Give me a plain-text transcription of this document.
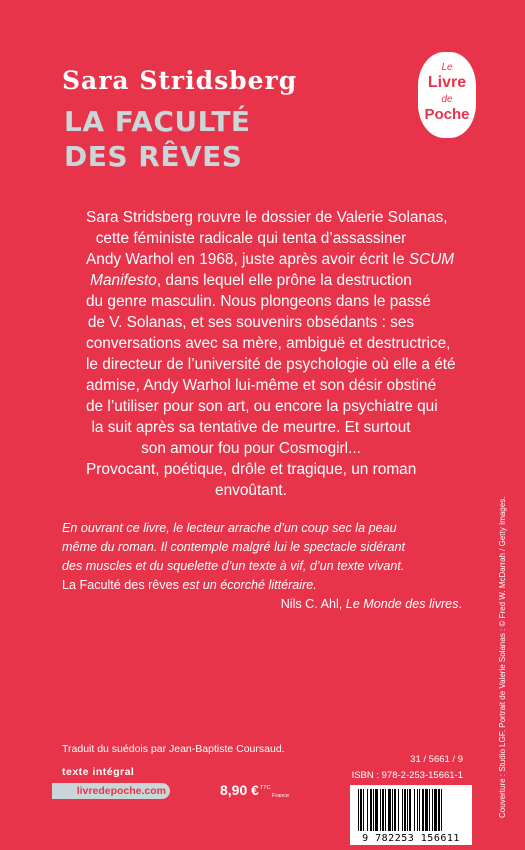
Sara Stridsberg
LA FACULTÉ
DES RÊVES
Le
Livre
de
Poche
Sara Stridsberg rouvre le dossier de Valerie Solanas,
cette féministe radicale qui tenta d’assassiner
Andy Warhol en 1968, juste après avoir écrit le SCUM
Manifesto, dans lequel elle prône la destruction
du genre masculin. Nous plongeons dans le passé
de V. Solanas, et ses souvenirs obsédants : ses
conversations avec sa mère, ambiguë et destructrice,
le directeur de l’université de psychologie où elle a été
admise, Andy Warhol lui-même et son désir obstiné
de l’utiliser pour son art, ou encore la psychiatre qui
la suit après sa tentative de meurtre. Et surtout
son amour fou pour Cosmogirl...
Provocant, poétique, drôle et tragique, un roman
envoûtant.
En ouvrant ce livre, le lecteur arrache d’un coup sec la peau
même du roman. Il contemple malgré lui le spectacle sidérant
des muscles et du squelette d’un texte à vif, d’un texte vivant.
La Faculté des rêves est un écorché littéraire.
Nils C. Ahl, Le Monde des livres.
Traduit du suédois par Jean-Baptiste Coursaud.
texte intégral
livredepoche.com	8,90 €$^{TTC}$
France
31 / 5661 / 9
ISBN : 978-2-253-15661-1
9 782253 156611
Couverture : Studio LGF. Portrait de Valerie Solanas : © Fred W. McDarrah / Getty Images.
